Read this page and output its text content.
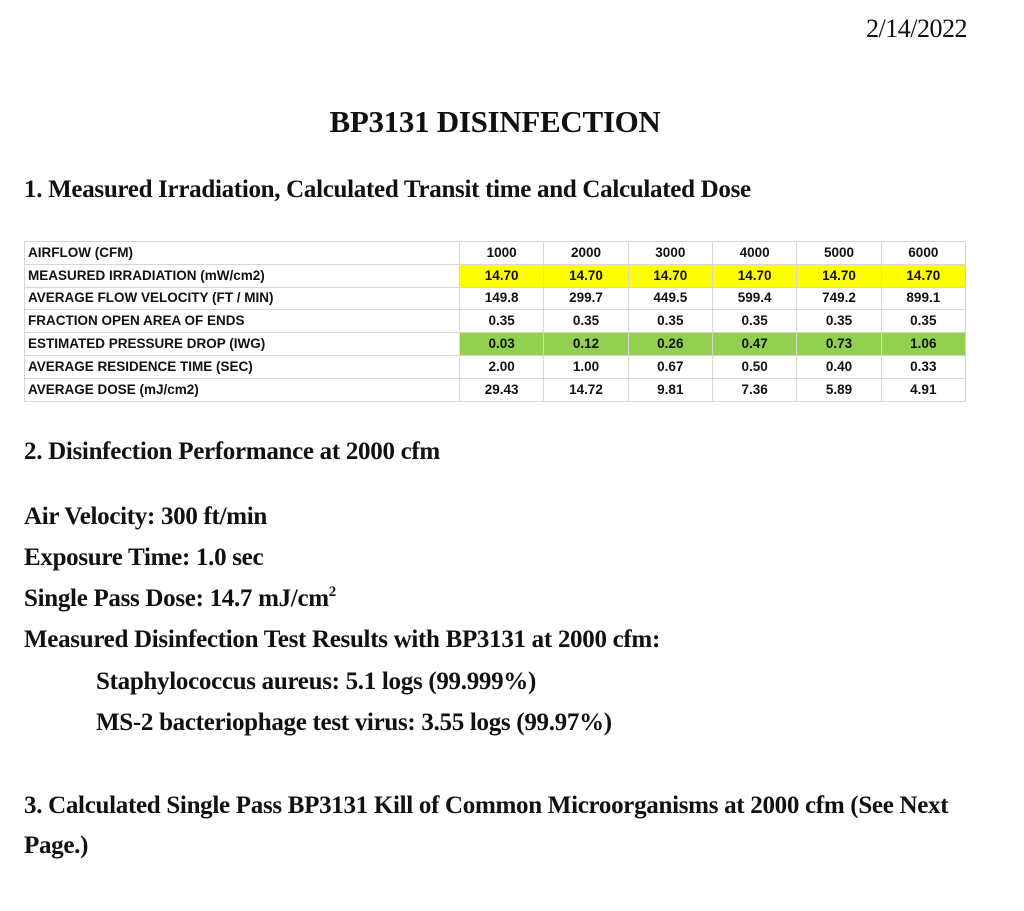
2/14/2022
BP3131 DISINFECTION
1. Measured Irradiation, Calculated Transit time and Calculated Dose
AIRFLOW (CFM)	1000	2000	3000	4000	5000	6000
MEASURED IRRADIATION (mW/cm2)	14.70	14.70	14.70	14.70	14.70	14.70
AVERAGE FLOW VELOCITY (FT / MIN)	149.8	299.7	449.5	599.4	749.2	899.1
FRACTION OPEN AREA OF ENDS	0.35	0.35	0.35	0.35	0.35	0.35
ESTIMATED PRESSURE DROP (IWG)	0.03	0.12	0.26	0.47	0.73	1.06
AVERAGE RESIDENCE TIME (SEC)	2.00	1.00	0.67	0.50	0.40	0.33
AVERAGE DOSE (mJ/cm2)	29.43	14.72	9.81	7.36	5.89	4.91
2. Disinfection Performance at 2000 cfm
Air Velocity: 300 ft/min
Exposure Time: 1.0 sec
Single Pass Dose: 14.7 $mJ/cm^2$
Measured Disinfection Test Results with BP3131 at 2000 cfm:
Staphylococcus aureus: 5.1 logs (99.999%)
MS-2 bacteriophage test virus: 3.55 logs (99.97%)
3. Calculated Single Pass BP3131 Kill of Common Microorganisms at 2000 cfm (See Next Page.)
